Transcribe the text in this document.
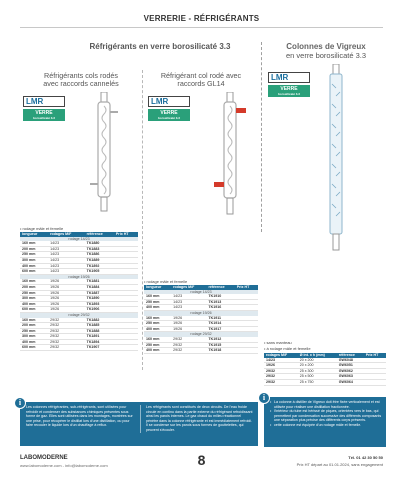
VERRERIE - RÉFRIGÉRANTS
Réfrigérants en verre borosilicaté 3.3	Colonnes de Vigreux
en verre borosilicaté 3.3
Réfrigérants cols rodés
avec raccords cannelés
LMR
VERRE
borosilicaté 3.3
• rodage mâle et femelle
longueur	rodages M/F	référence	Prix HT
rodage 14/23			
160 mm	14/23	TK1880	
200 mm	14/23	TK1883	
250 mm	14/23	TK1886	
300 mm	14/23	TK1889	
400 mm	14/23	TK1892	
600 mm	14/23	TK1905	
rodage 19/26			
160 mm	19/26	TK1881	
200 mm	19/26	TK1884	
250 mm	19/26	TK1887	
300 mm	19/26	TK1890	
400 mm	19/26	TK1893	
600 mm	19/26	TK1906	
rodage 29/32			
160 mm	29/32	TK1882	
200 mm	29/32	TK1885	
250 mm	29/32	TK1888	
300 mm	29/32	TK1891	
400 mm	29/32	TK1894	
600 mm	29/32	TK1907	
Réfrigérant col rodé avec
raccords GL14
LMR
VERRE
borosilicaté 3.3
• rodage mâle et femelle
longueur	rodages M/F	référence	Prix HT
rodage 14/23			
160 mm	14/23	TK1910	
250 mm	14/23	TK1913	
400 mm	14/23	TK1916	
rodage 19/26			
160 mm	19/26	TK1911	
250 mm	19/26	TK1914	
400 mm	19/26	TK1917	
rodage 29/32			
160 mm	29/32	TK1912	
250 mm	29/32	TK1915	
400 mm	29/32	TK1918	
LMR
VERRE
borosilicaté 3.3
• sans manteau
• à rodage mâle et femelle
rodages M/F	Ø int. x h (mm)	référence	Prix HT
14/23	20 x 200	GW6048	
19/26	20 x 200	GW6051	
29/32	25 x 300	GW6062	
29/32	25 x 500	GW6063	
29/32	25 x 750	GW6064	
Les colonnes réfrigérantes, sub-réfrigérants, sont utilisées pour refroidir et condenser des substances chimiques présentes sous forme de gaz. Elles sont utilisées dans les montages, montrées sur une prise, pour récupérer le distillat lors d'une distillation, ou pour faire recouler le liquide lors d'un chauffage à reflux.
Les réfrigérants sont constitués de deux circuits. De l'eau froide circule en continu dans la partie externe du réfrigérant refroidissant ainsi les parois internes. Le gaz chaud du milieu réactionnel pénètre dans la colonne réfrigérante et est immédiatement refroidi. Il se condense sur les parois sous formes de gouttelettes, qui peuvent s'écouler.
i	• La colonne à distiller de Vigreux doit être fixée verticalement et est utilisée pour réaliser une distillation fractionnée.
• l'intérieur du tube est hérissé de piques, orientées vers le bas, qui permettent par condensation successive des différents composants une séparation plus précise des différents corps présents.
• cette colonne est équipée d'un rodage mâle et femelle.
i
LABOMODERNE
www.labomoderne.com - info@labomoderne.com	8	Tél. 01 42 30 50 50
Prix HT départ au 01.01.2024, sans engagement
